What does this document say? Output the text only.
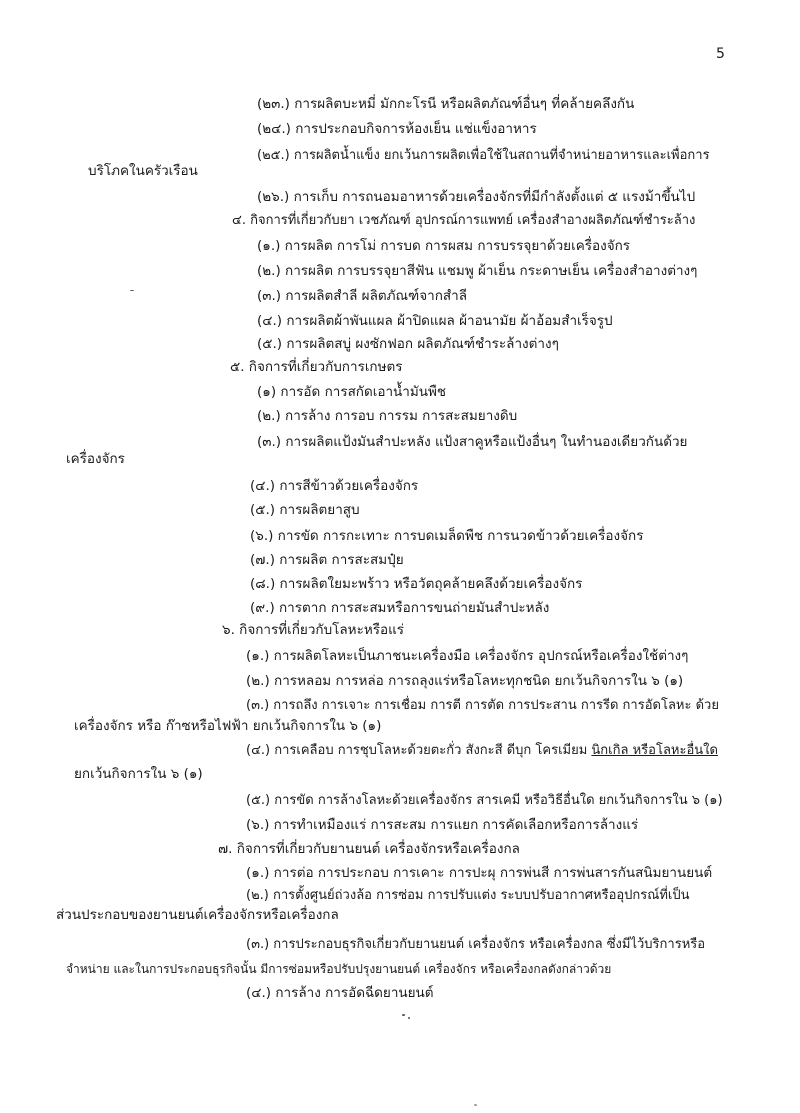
5
(๒๓.) การผลิตบะหมี่ มักกะโรนี หรือผลิตภัณฑ์อื่นๆ ที่คล้ายคลึงกัน
(๒๔.) การประกอบกิจการห้องเย็น แช่แข็งอาหาร
(๒๕.) การผลิตน้ำแข็ง ยกเว้นการผลิตเพื่อใช้ในสถานที่จำหน่ายอาหารและเพื่อการ
บริโภคในครัวเรือน
(๒๖.) การเก็บ การถนอมอาหารด้วยเครื่องจักรที่มีกำลังตั้งแต่ ๕ แรงม้าขึ้นไป
๔. กิจการที่เกี่ยวกับยา เวชภัณฑ์ อุปกรณ์การแพทย์ เครื่องสำอางผลิตภัณฑ์ชำระล้าง
(๑.) การผลิต การโม่ การบด การผสม การบรรจุยาด้วยเครื่องจักร
(๒.) การผลิต การบรรจุยาสีฟัน แชมพู ผ้าเย็น กระดาษเย็น เครื่องสำอางต่างๆ
(๓.) การผลิตสำลี ผลิตภัณฑ์จากสำลี
(๔.) การผลิตผ้าพันแผล ผ้าปิดแผล ผ้าอนามัย ผ้าอ้อมสำเร็จรูป
(๕.) การผลิตสบู่ ผงซักฟอก ผลิตภัณฑ์ชำระล้างต่างๆ
๕. กิจการที่เกี่ยวกับการเกษตร
(๑) การอัด การสกัดเอาน้ำมันพืช
(๒.) การล้าง การอบ การรม การสะสมยางดิบ
(๓.) การผลิตแป้งมันสำปะหลัง แป้งสาคูหรือแป้งอื่นๆ ในทำนองเดียวกันด้วย
เครื่องจักร
(๔.) การสีข้าวด้วยเครื่องจักร
(๕.) การผลิตยาสูบ
(๖.) การขัด การกะเทาะ การบดเมล็ดพืช การนวดข้าวด้วยเครื่องจักร
(๗.) การผลิต การสะสมปุ๋ย
(๘.) การผลิตใยมะพร้าว หรือวัตถุคล้ายคลึงด้วยเครื่องจักร
(๙.) การตาก การสะสมหรือการขนถ่ายมันสำปะหลัง
๖. กิจการที่เกี่ยวกับโลหะหรือแร่
(๑.) การผลิตโลหะเป็นภาชนะเครื่องมือ เครื่องจักร อุปกรณ์หรือเครื่องใช้ต่างๆ
(๒.) การหลอม การหล่อ การถลุงแร่หรือโลหะทุกชนิด ยกเว้นกิจการใน ๖ (๑)
(๓.) การถลึง การเจาะ การเชื่อม การตี การตัด การประสาน การรีด การอัดโลหะ ด้วย
เครื่องจักร หรือ ก๊าซหรือไฟฟ้า ยกเว้นกิจการใน ๖ (๑)
(๔.) การเคลือบ การชุบโลหะด้วยตะกั่ว สังกะสี ดีบุก โครเมียม นิกเกิล หรือโลหะอื่นใด
ยกเว้นกิจการใน ๖ (๑)
(๕.) การขัด การล้างโลหะด้วยเครื่องจักร สารเคมี หรือวิธีอื่นใด ยกเว้นกิจการใน ๖ (๑)
(๖.) การทำเหมืองแร่ การสะสม การแยก การคัดเลือกหรือการล้างแร่
๗. กิจการที่เกี่ยวกับยานยนต์ เครื่องจักรหรือเครื่องกล
(๑.) การต่อ การประกอบ การเคาะ การปะผุ การพ่นสี การพ่นสารกันสนิมยานยนต์
(๒.) การตั้งศูนย์ถ่วงล้อ การซ่อม การปรับแต่ง ระบบปรับอากาศหรืออุปกรณ์ที่เป็น
ส่วนประกอบของยานยนต์เครื่องจักรหรือเครื่องกล
(๓.) การประกอบธุรกิจเกี่ยวกับยานยนต์ เครื่องจักร หรือเครื่องกล ซึ่งมีไว้บริการหรือ
จำหน่าย และในการประกอบธุรกิจนั้น มีการซ่อมหรือปรับปรุงยานยนต์ เครื่องจักร หรือเครื่องกลดังกล่าวด้วย
(๔.) การล้าง การอัดฉีดยานยนต์
